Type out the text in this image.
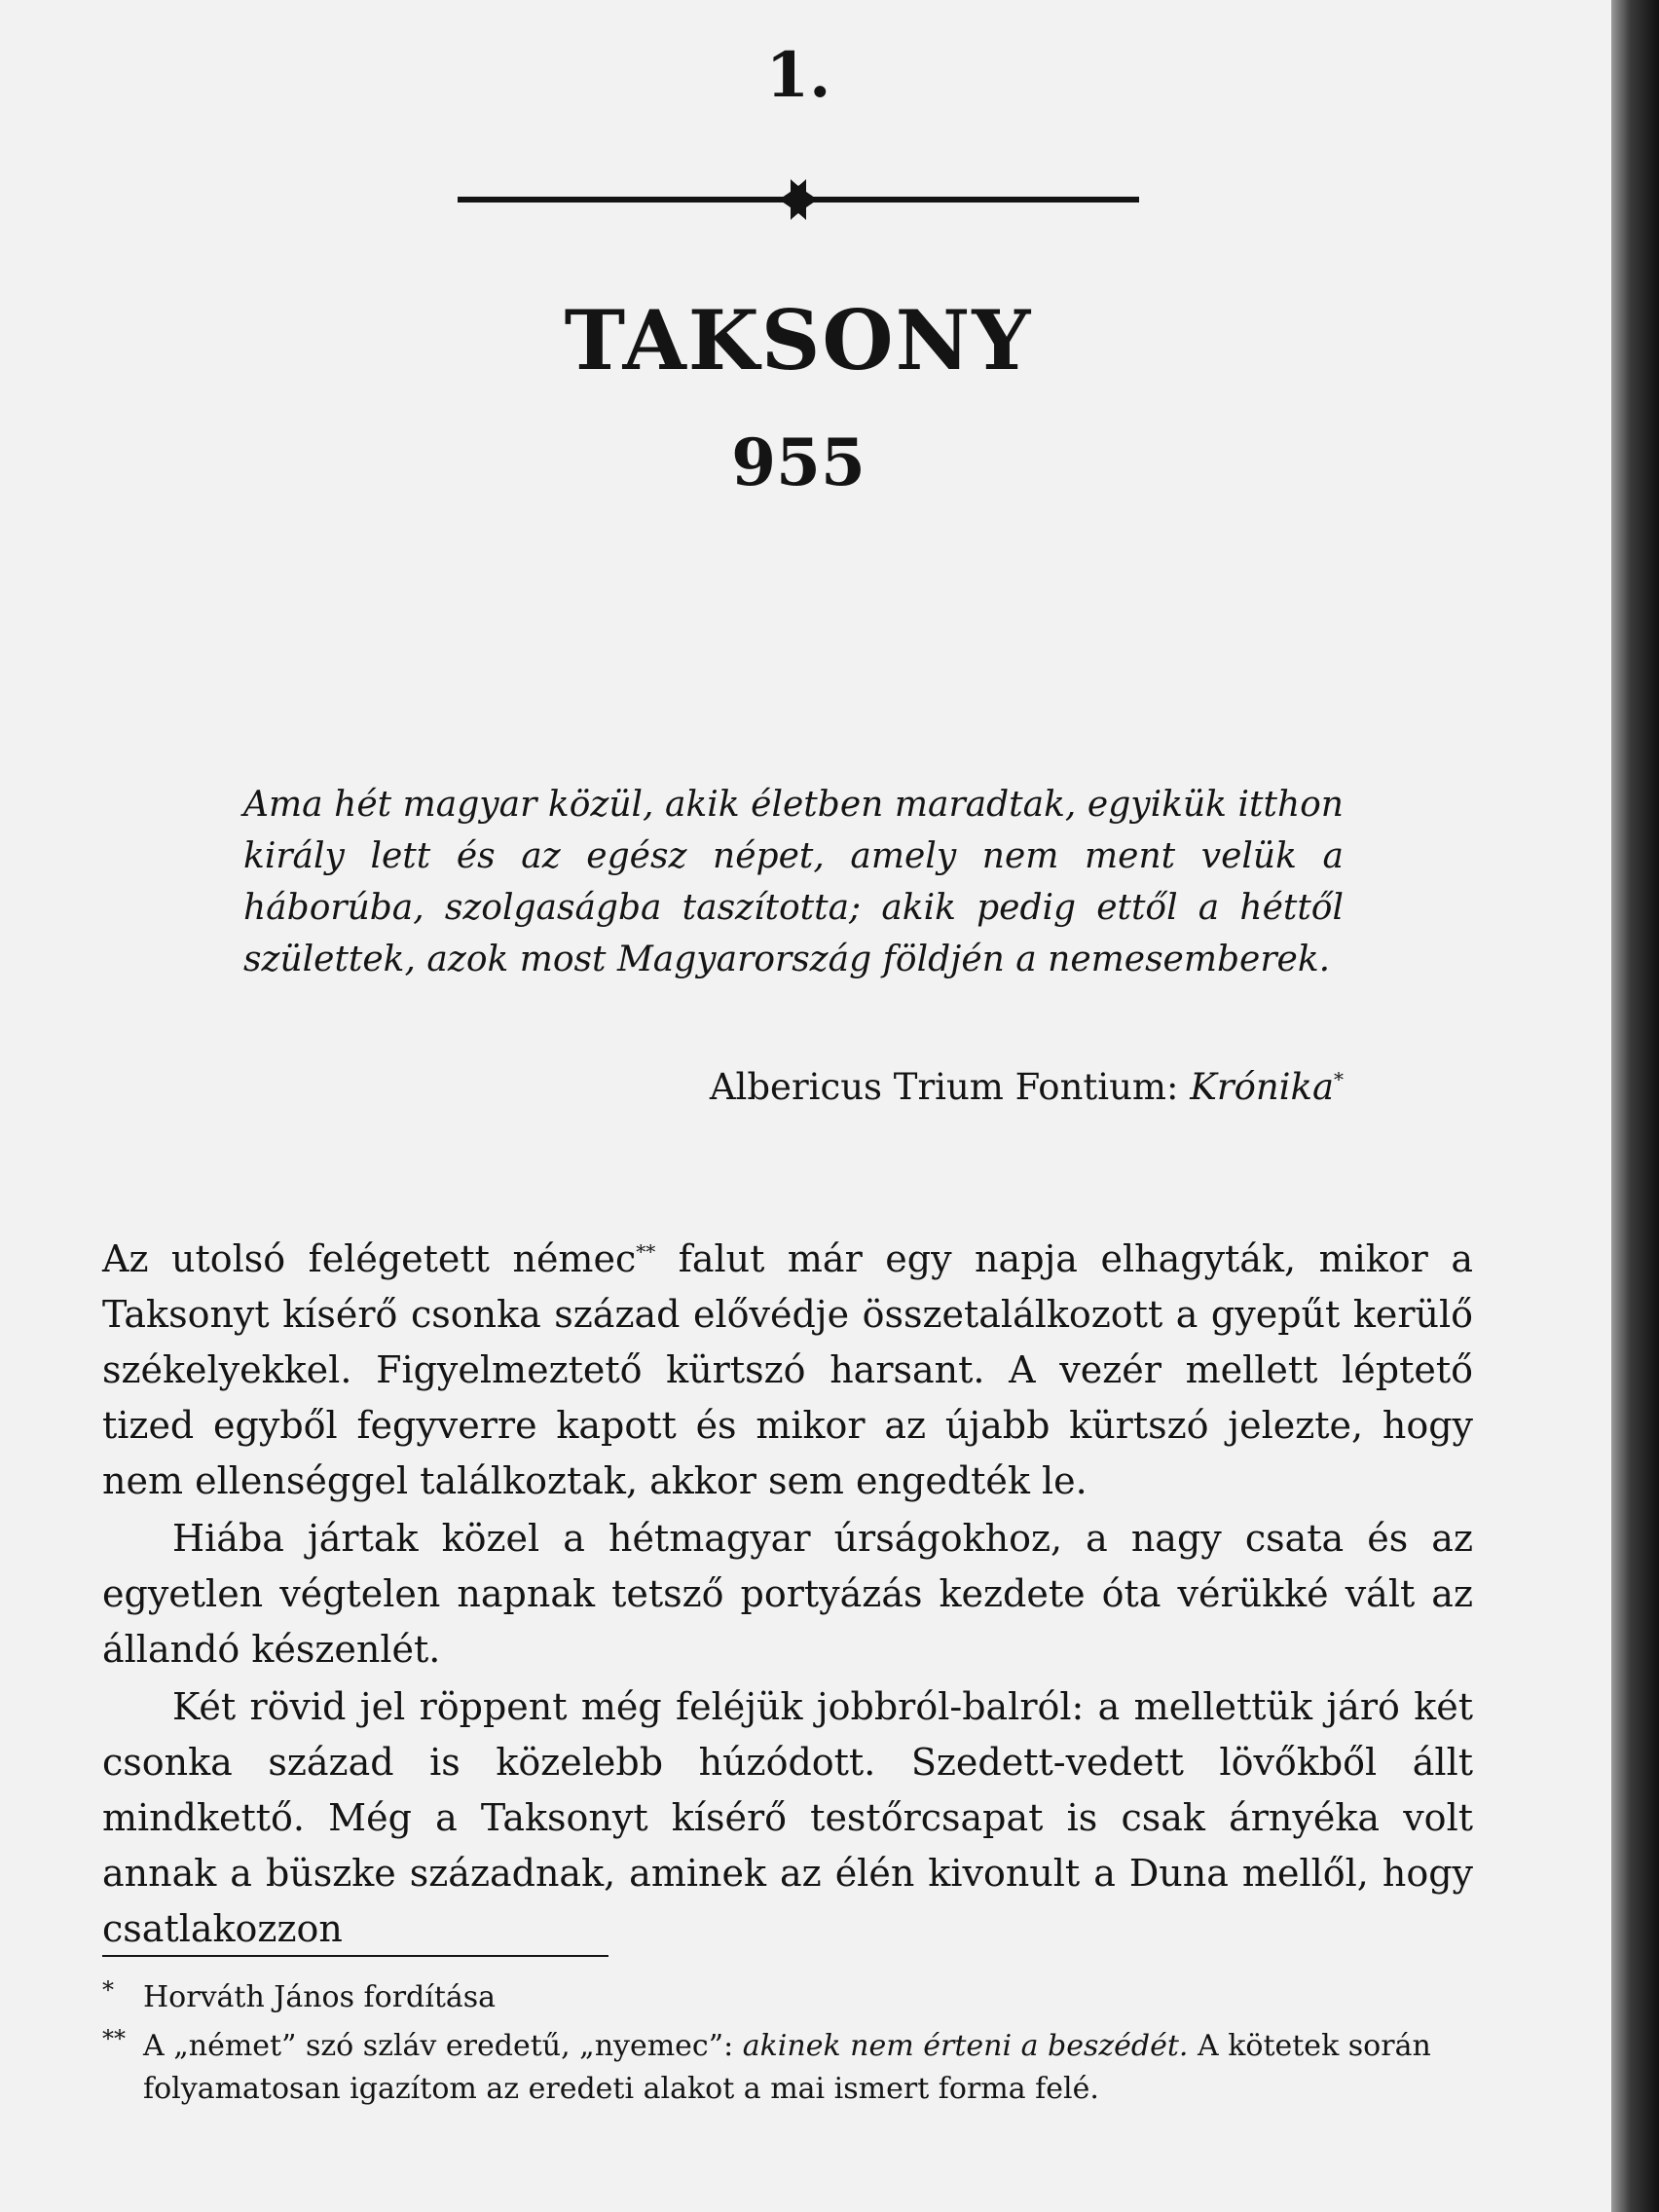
1.
TAKSONY
955

Ama hét magyar közül, akik életben maradtak, egyikük itthon király lett és az egész népet, amely nem ment velük a háborúba, szolgaságba taszította; akik pedig ettől a héttől születtek, azok most Magyarország földjén a nemesemberek.

Albericus Trium Fontium: Krónika*

Az utolsó felégetett némec** falut már egy napja elhagyták, mikor a Taksonyt kísérő csonka század elővédje összetalálkozott a gyepűt kerülő székelyekkel. Figyelmeztető kürtszó harsant. A vezér mellett léptető tized egyből fegyverre kapott és mikor az újabb kürtszó jelezte, hogy nem ellenséggel találkoztak, akkor sem engedték le.

Hiába jártak közel a hétmagyar úrságokhoz, a nagy csata és az egyetlen végtelen napnak tetsző portyázás kezdete óta vérükké vált az állandó készenlét.

Két rövid jel röppent még feléjük jobbról-balról: a mellettük járó két csonka század is közelebb húzódott. Szedett-vedett lövőkből állt mindkettő. Még a Taksonyt kísérő testőrcsapat is csak árnyéka volt annak a büszke századnak, aminek az élén kivonult a Duna mellől, hogy csatlakozzon

* Horváth János fordítása

** A „német” szó szláv eredetű, „nyemec”: akinek nem érteni a beszédét. A kötetek során folyamatosan igazítom az eredeti alakot a mai ismert forma felé.
